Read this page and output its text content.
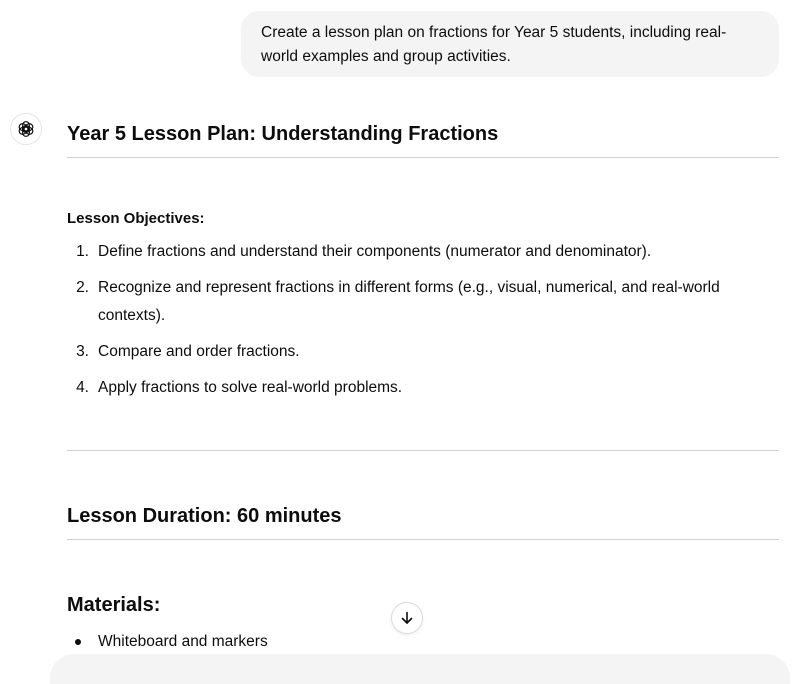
Create a lesson plan on fractions for Year 5 students, including real-
world examples and group activities.
Year 5 Lesson Plan: Understanding Fractions
Lesson Objectives:
1. Define fractions and understand their components (numerator and denominator).
2. Recognize and represent fractions in different forms (e.g., visual, numerical, and real-world contexts).
3. Compare and order fractions.
4. Apply fractions to solve real-world problems.
Lesson Duration: 60 minutes
Materials:
Whiteboard and markers
